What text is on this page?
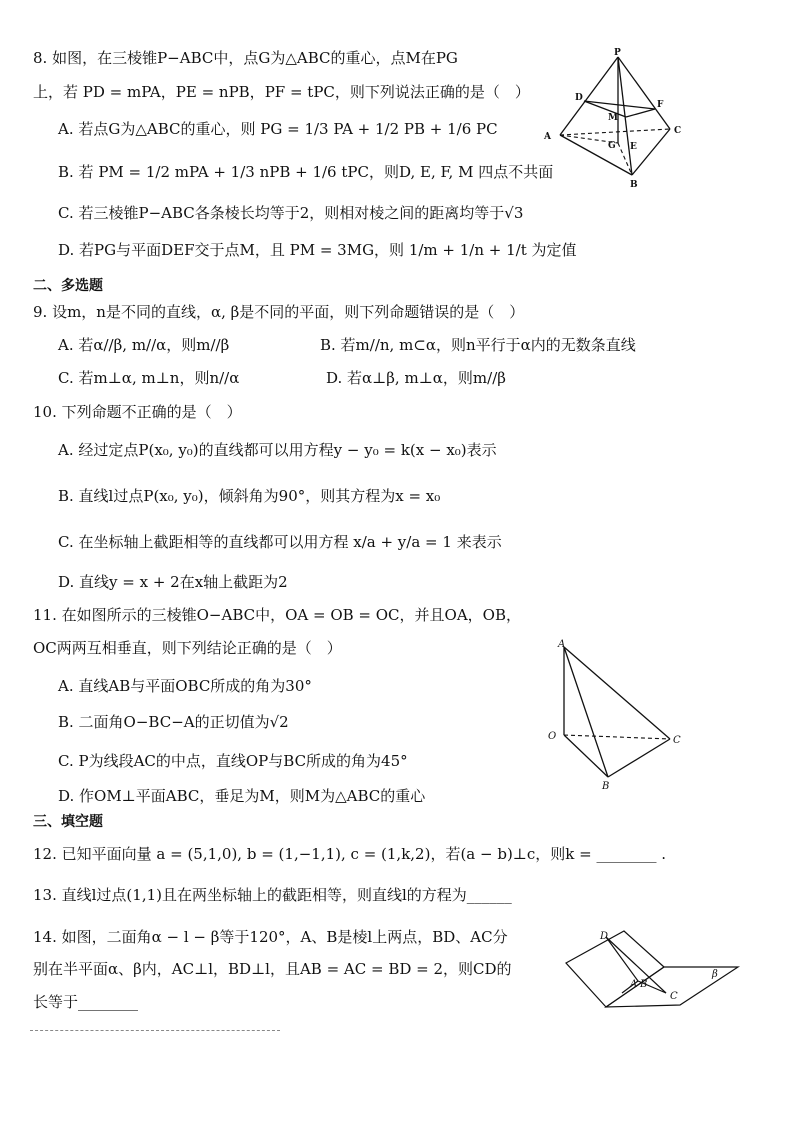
8. 如图，在三棱锥P−ABC中，点G为△ABC的重心，点M在PG
上，若 PD = mPA，PE = nPB，PF = tPC，则下列说法正确的是（　）
A. 若点G为△ABC的重心，则 PG = 1/3 PA + 1/2 PB + 1/6 PC
B. 若 PM = 1/2 mPA + 1/3 nPB + 1/6 tPC，则D, E, F, M 四点不共面
C. 若三棱锥P−ABC各条棱长均等于2，则相对棱之间的距离均等于√3
D. 若PG与平面DEF交于点M，且 PM = 3MG，则 1/m + 1/n + 1/t 为定值
P
D
F
M
A
C
G E
B
二、多选题
9. 设m，n是不同的直线，α, β是不同的平面，则下列命题错误的是（　）
A. 若α//β, m//α，则m//β	B. 若m//n, m⊂α，则n平行于α内的无数条直线
C. 若m⊥α, m⊥n，则n//α	D. 若α⊥β, m⊥α，则m//β
10. 下列命题不正确的是（　）
A. 经过定点P(x₀, y₀)的直线都可以用方程y − y₀ = k(x − x₀)表示
B. 直线l过点P(x₀, y₀)，倾斜角为90°，则其方程为x = x₀
C. 在坐标轴上截距相等的直线都可以用方程 x/a + y/a = 1 来表示
D. 直线y = x + 2在x轴上截距为2
11. 在如图所示的三棱锥O−ABC中，OA = OB = OC，并且OA，OB，
OC两两互相垂直，则下列结论正确的是（　）
A. 直线AB与平面OBC所成的角为30°
B. 二面角O−BC−A的正切值为√2
C. P为线段AC的中点，直线OP与BC所成的角为45°
D. 作OM⊥平面ABC，垂足为M，则M为△ABC的重心
A
O	C
B
三、填空题
12. 已知平面向量 a = (5,1,0), b = (1,−1,1), c = (1,k,2)，若(a − b)⊥c，则k = ________ .
13. 直线l过点(1,1)且在两坐标轴上的截距相等，则直线l的方程为______
14. 如图，二面角α − l − β等于120°，A、B是棱l上两点，BD、AC分
别在半平面α、β内，AC⊥l，BD⊥l，且AB = AC = BD = 2，则CD的
长等于________
D
A B
C
β
